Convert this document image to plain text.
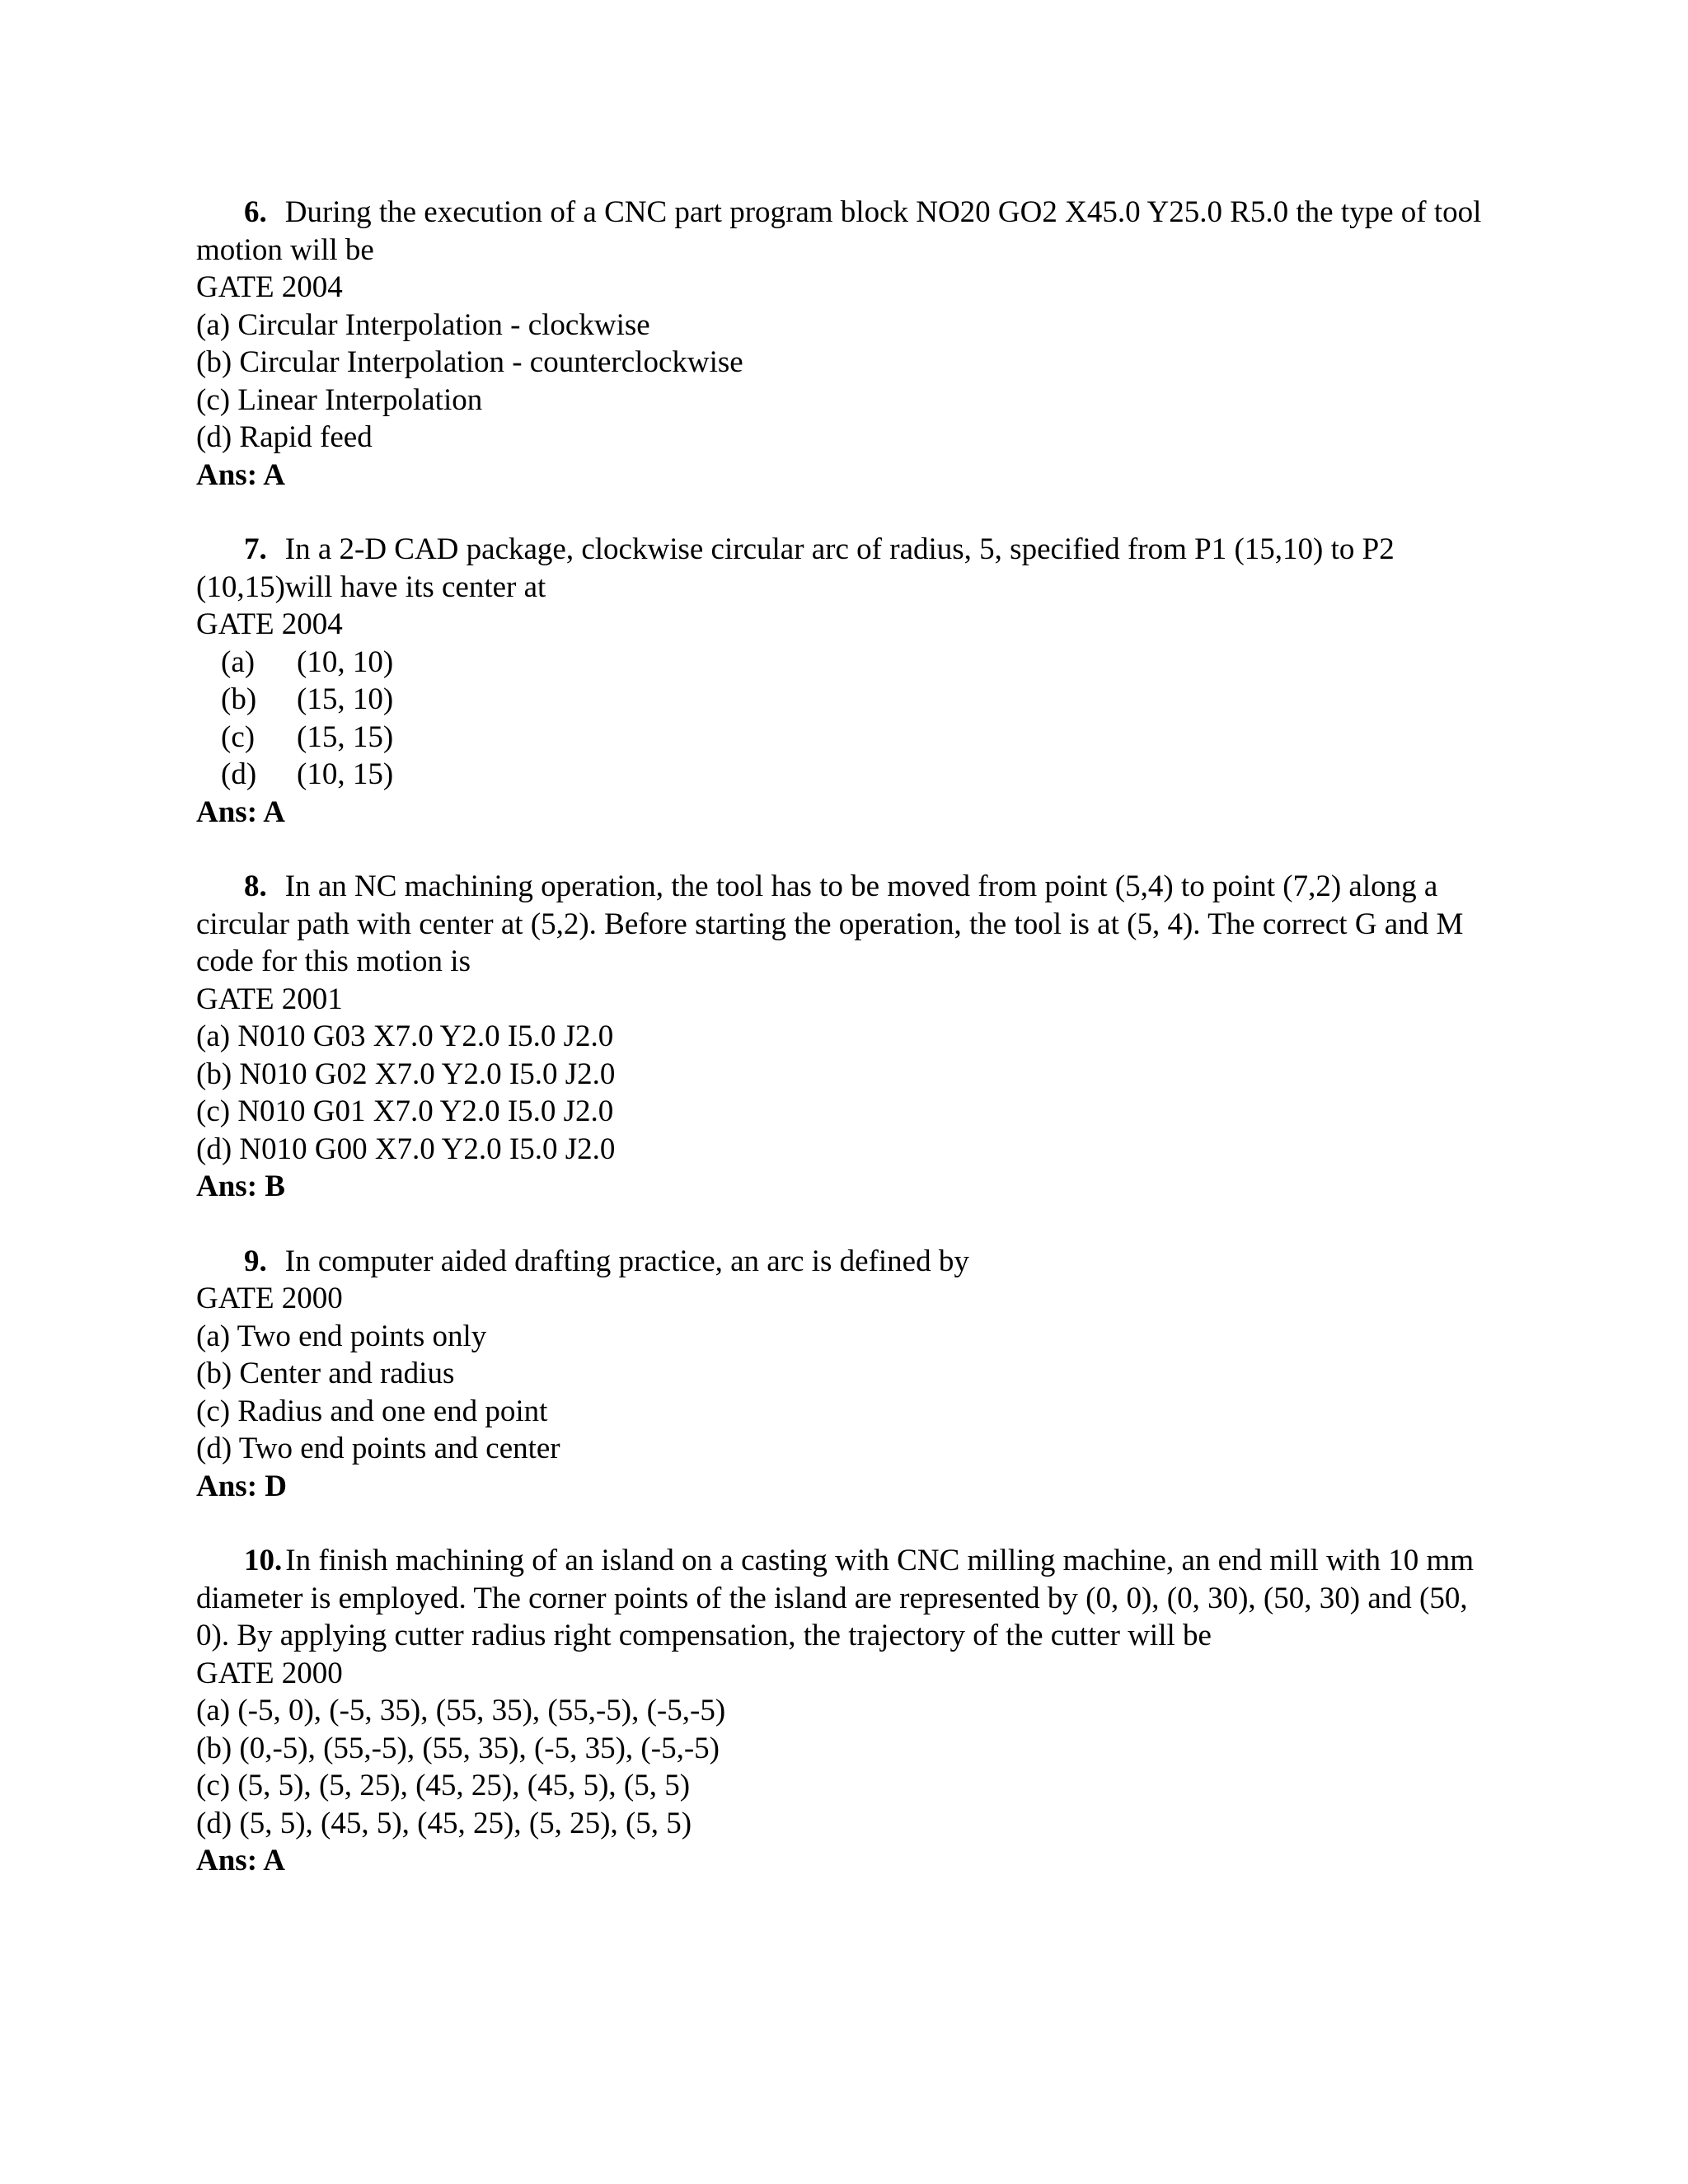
6. During the execution of a CNC part program block NO20 GO2 X45.0 Y25.0 R5.0 the type of tool motion will be
GATE 2004
(a) Circular Interpolation - clockwise
(b) Circular Interpolation - counterclockwise
(c) Linear Interpolation
(d) Rapid feed
Ans: A
7. In a 2-D CAD package, clockwise circular arc of radius, 5, specified from P1 (15,10) to P2 (10,15)will have its center at
GATE 2004
(a) (10, 10)
(b) (15, 10)
(c) (15, 15)
(d) (10, 15)
Ans: A
8. In an NC machining operation, the tool has to be moved from point (5,4) to point (7,2) along a circular path with center at (5,2). Before starting the operation, the tool is at (5, 4). The correct G and M code for this motion is
GATE 2001
(a) N010 G03 X7.0 Y2.0 I5.0 J2.0
(b) N010 G02 X7.0 Y2.0 I5.0 J2.0
(c) N010 G01 X7.0 Y2.0 I5.0 J2.0
(d) N010 G00 X7.0 Y2.0 I5.0 J2.0
Ans: B
9. In computer aided drafting practice, an arc is defined by
GATE 2000
(a) Two end points only
(b) Center and radius
(c) Radius and one end point
(d) Two end points and center
Ans: D
10. In finish machining of an island on a casting with CNC milling machine, an end mill with 10 mm diameter is employed. The corner points of the island are represented by (0, 0), (0, 30), (50, 30) and (50, 0). By applying cutter radius right compensation, the trajectory of the cutter will be
GATE 2000
(a) (-5, 0), (-5, 35), (55, 35), (55,-5), (-5,-5)
(b) (0,-5), (55,-5), (55, 35), (-5, 35), (-5,-5)
(c) (5, 5), (5, 25), (45, 25), (45, 5), (5, 5)
(d) (5, 5), (45, 5), (45, 25), (5, 25), (5, 5)
Ans: A
